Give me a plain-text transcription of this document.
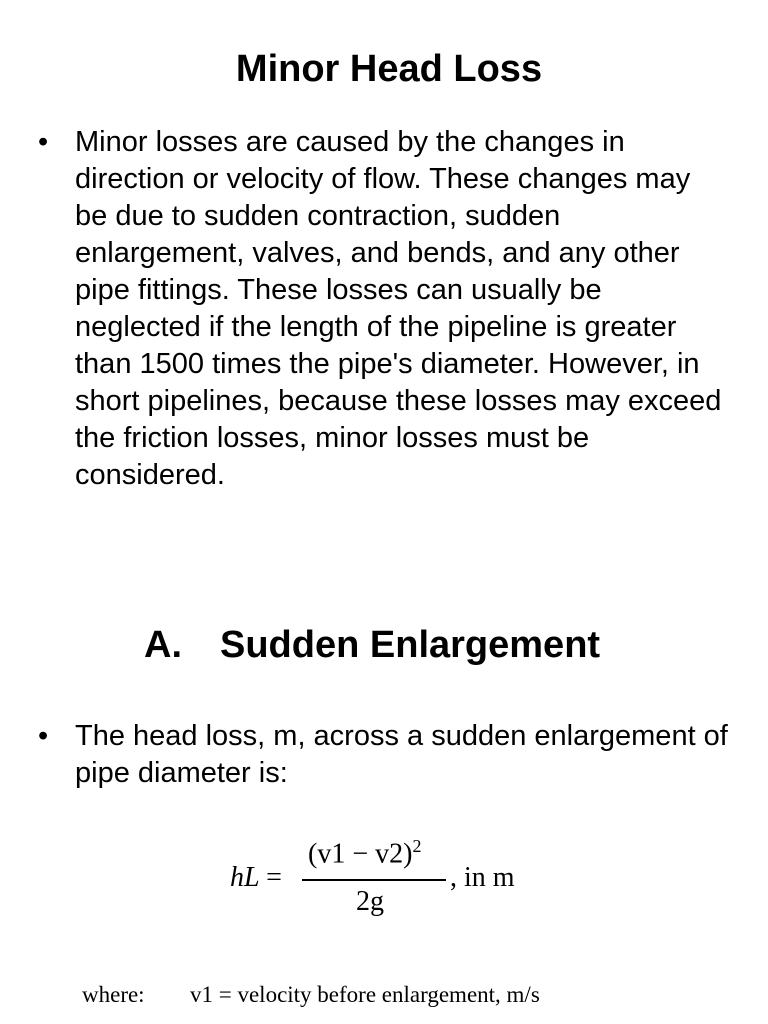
Minor Head Loss
• Minor losses are caused by the changes in direction or velocity of flow. These changes may be due to sudden contraction, sudden enlargement, valves, and bends, and any other pipe fittings. These losses can usually be neglected if the length of the pipeline is greater than 1500 times the pipe's diameter. However, in short pipelines, because these losses may exceed the friction losses, minor losses must be considered.
A. Sudden Enlargement
• The head loss, m, across a sudden enlargement of pipe diameter is:
hL =
$(v1 - v2)^2$
2g
, in m
where: v1 = velocity before enlargement, m/s
